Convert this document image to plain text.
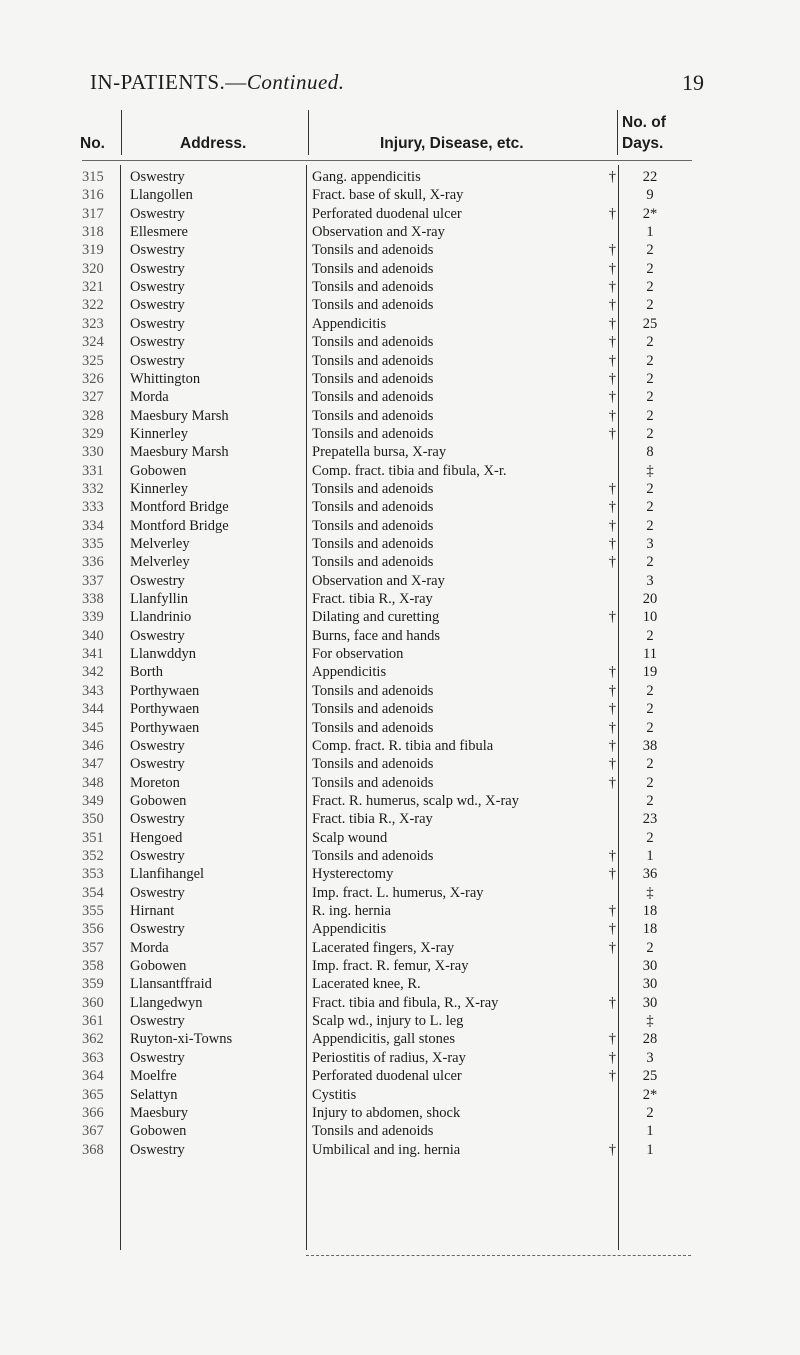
IN-PATIENTS.—Continued.	19
No.	Address.	Injury, Disease, etc.
No. of
Days.
315	Oswestry	Gang. appendicitis	†	22
316	Llangollen	Fract. base of skull, X-ray	9
317	Oswestry	Perforated duodenal ulcer	†	2*
318	Ellesmere	Observation and X-ray	1
319	Oswestry	Tonsils and adenoids	†	2
320	Oswestry	Tonsils and adenoids	†	2
321	Oswestry	Tonsils and adenoids	†	2
322	Oswestry	Tonsils and adenoids	†	2
323	Oswestry	Appendicitis	†	25
324	Oswestry	Tonsils and adenoids	†	2
325	Oswestry	Tonsils and adenoids	†	2
326	Whittington	Tonsils and adenoids	†	2
327	Morda	Tonsils and adenoids	†	2
328	Maesbury Marsh	Tonsils and adenoids	†	2
329	Kinnerley	Tonsils and adenoids	†	2
330	Maesbury Marsh	Prepatella bursa, X-ray	8
331	Gobowen	Comp. fract. tibia and fibula, X-r.	‡
332	Kinnerley	Tonsils and adenoids	†	2
333	Montford Bridge	Tonsils and adenoids	†	2
334	Montford Bridge	Tonsils and adenoids	†	2
335	Melverley	Tonsils and adenoids	†	3
336	Melverley	Tonsils and adenoids	†	2
337	Oswestry	Observation and X-ray	3
338	Llanfyllin	Fract. tibia R., X-ray	20
339	Llandrinio	Dilating and curetting	†	10
340	Oswestry	Burns, face and hands	2
341	Llanwddyn	For observation	11
342	Borth	Appendicitis	†	19
343	Porthywaen	Tonsils and adenoids	†	2
344	Porthywaen	Tonsils and adenoids	†	2
345	Porthywaen	Tonsils and adenoids	†	2
346	Oswestry	Comp. fract. R. tibia and fibula	†	38
347	Oswestry	Tonsils and adenoids	†	2
348	Moreton	Tonsils and adenoids	†	2
349	Gobowen	Fract. R. humerus, scalp wd., X-ray	2
350	Oswestry	Fract. tibia R., X-ray	23
351	Hengoed	Scalp wound	2
352	Oswestry	Tonsils and adenoids	†	1
353	Llanfihangel	Hysterectomy	†	36
354	Oswestry	Imp. fract. L. humerus, X-ray	‡
355	Hirnant	R. ing. hernia	†	18
356	Oswestry	Appendicitis	†	18
357	Morda	Lacerated fingers, X-ray	†	2
358	Gobowen	Imp. fract. R. femur, X-ray	30
359	Llansantffraid	Lacerated knee, R.	30
360	Llangedwyn	Fract. tibia and fibula, R., X-ray	†	30
361	Oswestry	Scalp wd., injury to L. leg	‡
362	Ruyton-xi-Towns	Appendicitis, gall stones	†	28
363	Oswestry	Periostitis of radius, X-ray	†	3
364	Moelfre	Perforated duodenal ulcer	†	25
365	Selattyn	Cystitis	2*
366	Maesbury	Injury to abdomen, shock	2
367	Gobowen	Tonsils and adenoids	1
368	Oswestry	Umbilical and ing. hernia	†	1
